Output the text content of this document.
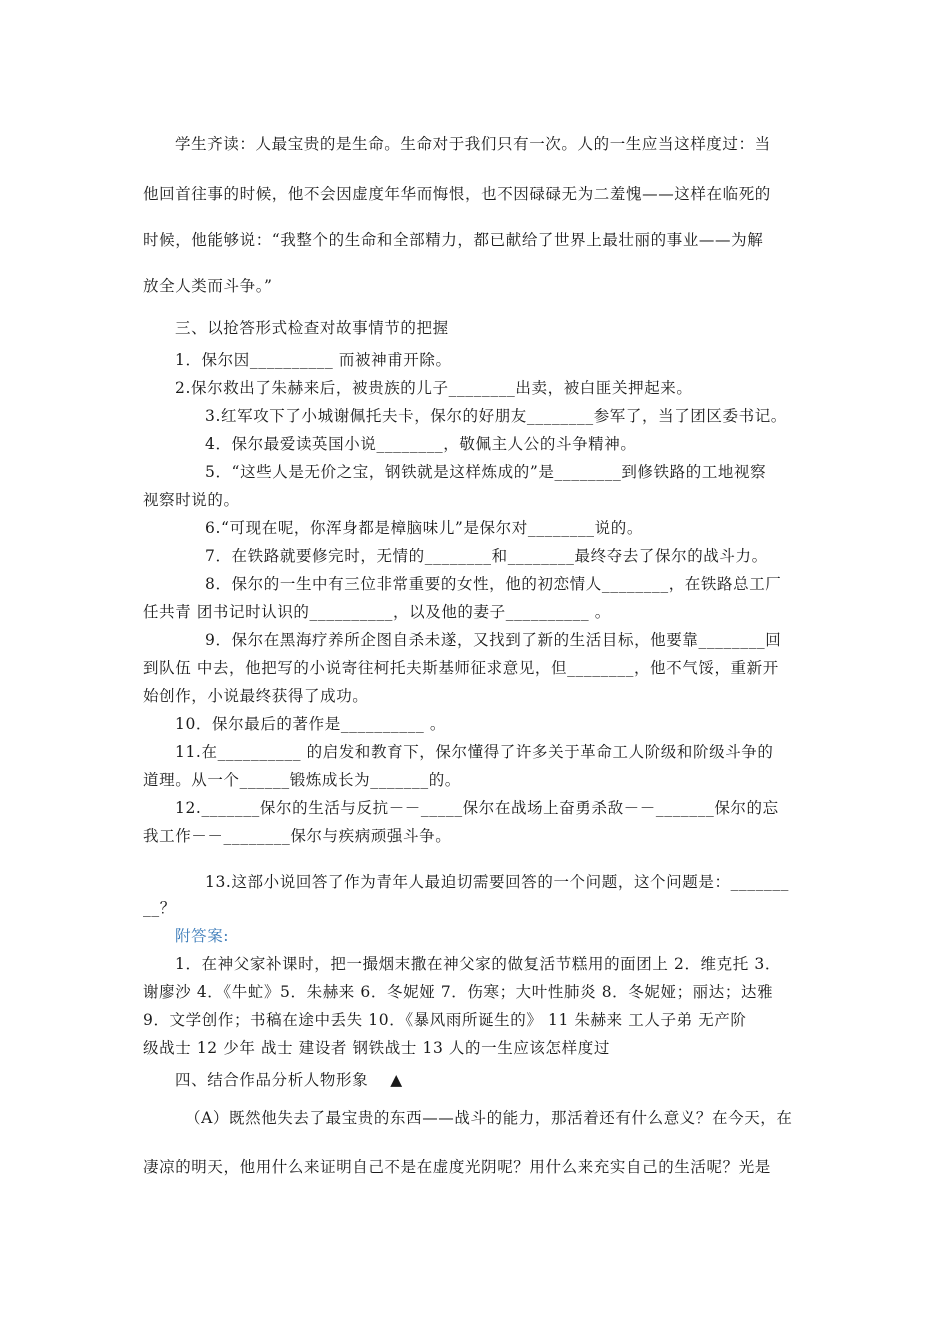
学生齐读：人最宝贵的是生命。生命对于我们只有一次。人的一生应当这样度过：当
他回首往事的时候，他不会因虚度年华而悔恨，也不因碌碌无为二羞愧——这样在临死的
时候，他能够说：“我整个的生命和全部精力，都已献给了世界上最壮丽的事业——为解
放全人类而斗争。”
三、以抢答形式检查对故事情节的把握
1．保尔因__________ 而被神甫开除。
2.保尔救出了朱赫来后，被贵族的儿子________出卖，被白匪关押起来。
3.红军攻下了小城谢佩托夫卡，保尔的好朋友________参军了，当了团区委书记。
4．保尔最爱读英国小说________，敬佩主人公的斗争精神。
5．“这些人是无价之宝，钢铁就是这样炼成的”是________到修铁路的工地视察
视察时说的。
6.“可现在呢，你浑身都是樟脑味儿”是保尔对________说的。
7．在铁路就要修完时，无情的________和________最终夺去了保尔的战斗力。
8．保尔的一生中有三位非常重要的女性，他的初恋情人________，在铁路总工厂
任共青 团书记时认识的__________，以及他的妻子__________ 。
9．保尔在黑海疗养所企图自杀未遂，又找到了新的生活目标，他要靠________回
到队伍 中去，他把写的小说寄往柯托夫斯基师征求意见，但________，他不气馁，重新开
始创作，小说最终获得了成功。
10．保尔最后的著作是__________ 。
11.在__________ 的启发和教育下，保尔懂得了许多关于革命工人阶级和阶级斗争的
道理。从一个______锻炼成长为_______的。
12._______保尔的生活与反抗－－_____保尔在战场上奋勇杀敌－－_______保尔的忘
我工作－－________保尔与疾病顽强斗争。
13.这部小说回答了作为青年人最迫切需要回答的一个问题，这个问题是：_______
__？
附答案:
1．在神父家补课时，把一撮烟末撒在神父家的做复活节糕用的面团上 2．维克托 3．
谢廖沙 4．《牛虻》5．朱赫来 6．冬妮娅 7．伤寒；大叶性肺炎 8．冬妮娅；丽达；达雅
9．文学创作；书稿在途中丢失 10．《暴风雨所诞生的》 11 朱赫来 工人子弟 无产阶
级战士 12 少年 战士 建设者 钢铁战士 13 人的一生应该怎样度过
四、结合作品分析人物形象 ▲
（A）既然他失去了最宝贵的东西——战斗的能力，那活着还有什么意义？在今天，在
凄凉的明天，他用什么来证明自己不是在虚度光阴呢？用什么来充实自己的生活呢？光是
